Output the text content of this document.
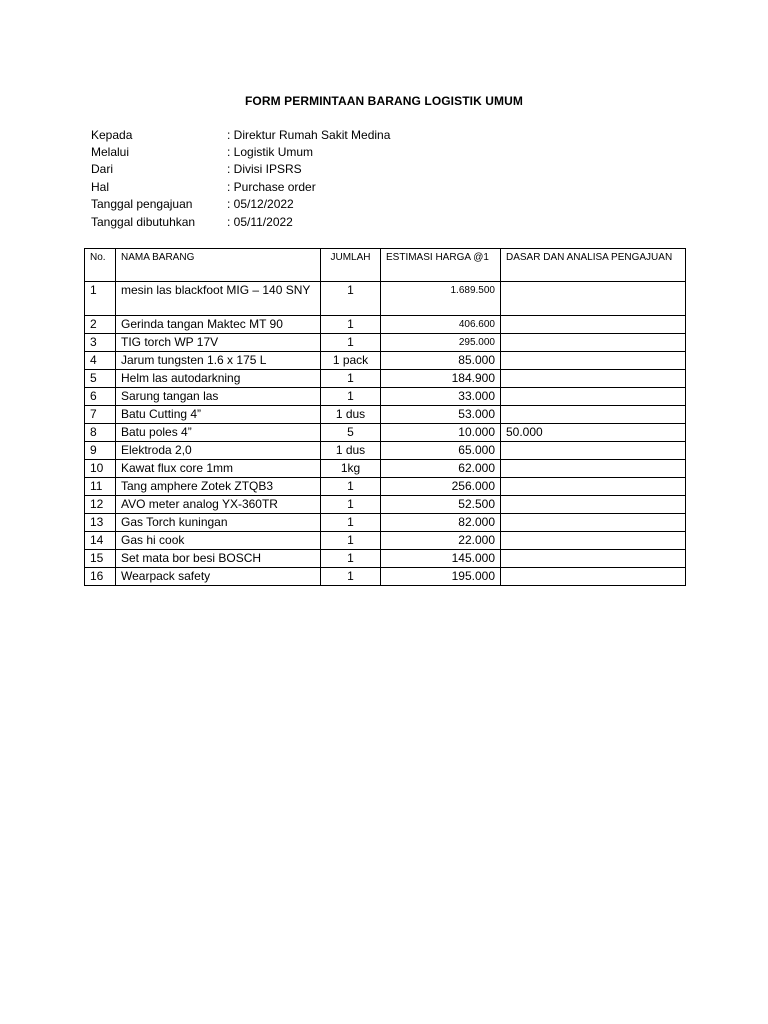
FORM PERMINTAAN BARANG LOGISTIK UMUM
Kepada	: Direktur Rumah Sakit Medina
Melalui	: Logistik Umum
Dari	: Divisi IPSRS
Hal	: Purchase order
Tanggal pengajuan	: 05/12/2022
Tanggal dibutuhkan	: 05/11/2022
No.	NAMA BARANG	JUMLAH	ESTIMASI HARGA @1	DASAR DAN ANALISA PENGAJUAN
1	mesin las blackfoot MIG – 140 SNY	1	1.689.500	
2	Gerinda tangan Maktec MT 90	1	406.600	
3	TIG torch WP 17V	1	295.000	
4	Jarum tungsten 1.6 x 175 L	1 pack	85.000	
5	Helm las autodarkning	1	184.900	
6	Sarung tangan las	1	33.000	
7	Batu Cutting 4”	1 dus	53.000	
8	Batu poles 4”	5	10.000	50.000
9	Elektroda 2,0	1 dus	65.000	
10	Kawat flux core 1mm	1kg	62.000	
11	Tang amphere Zotek ZTQB3	1	256.000	
12	AVO meter analog YX-360TR	1	52.500	
13	Gas Torch kuningan	1	82.000	
14	Gas hi cook	1	22.000	
15	Set mata bor besi BOSCH	1	145.000	
16	Wearpack safety	1	195.000	
